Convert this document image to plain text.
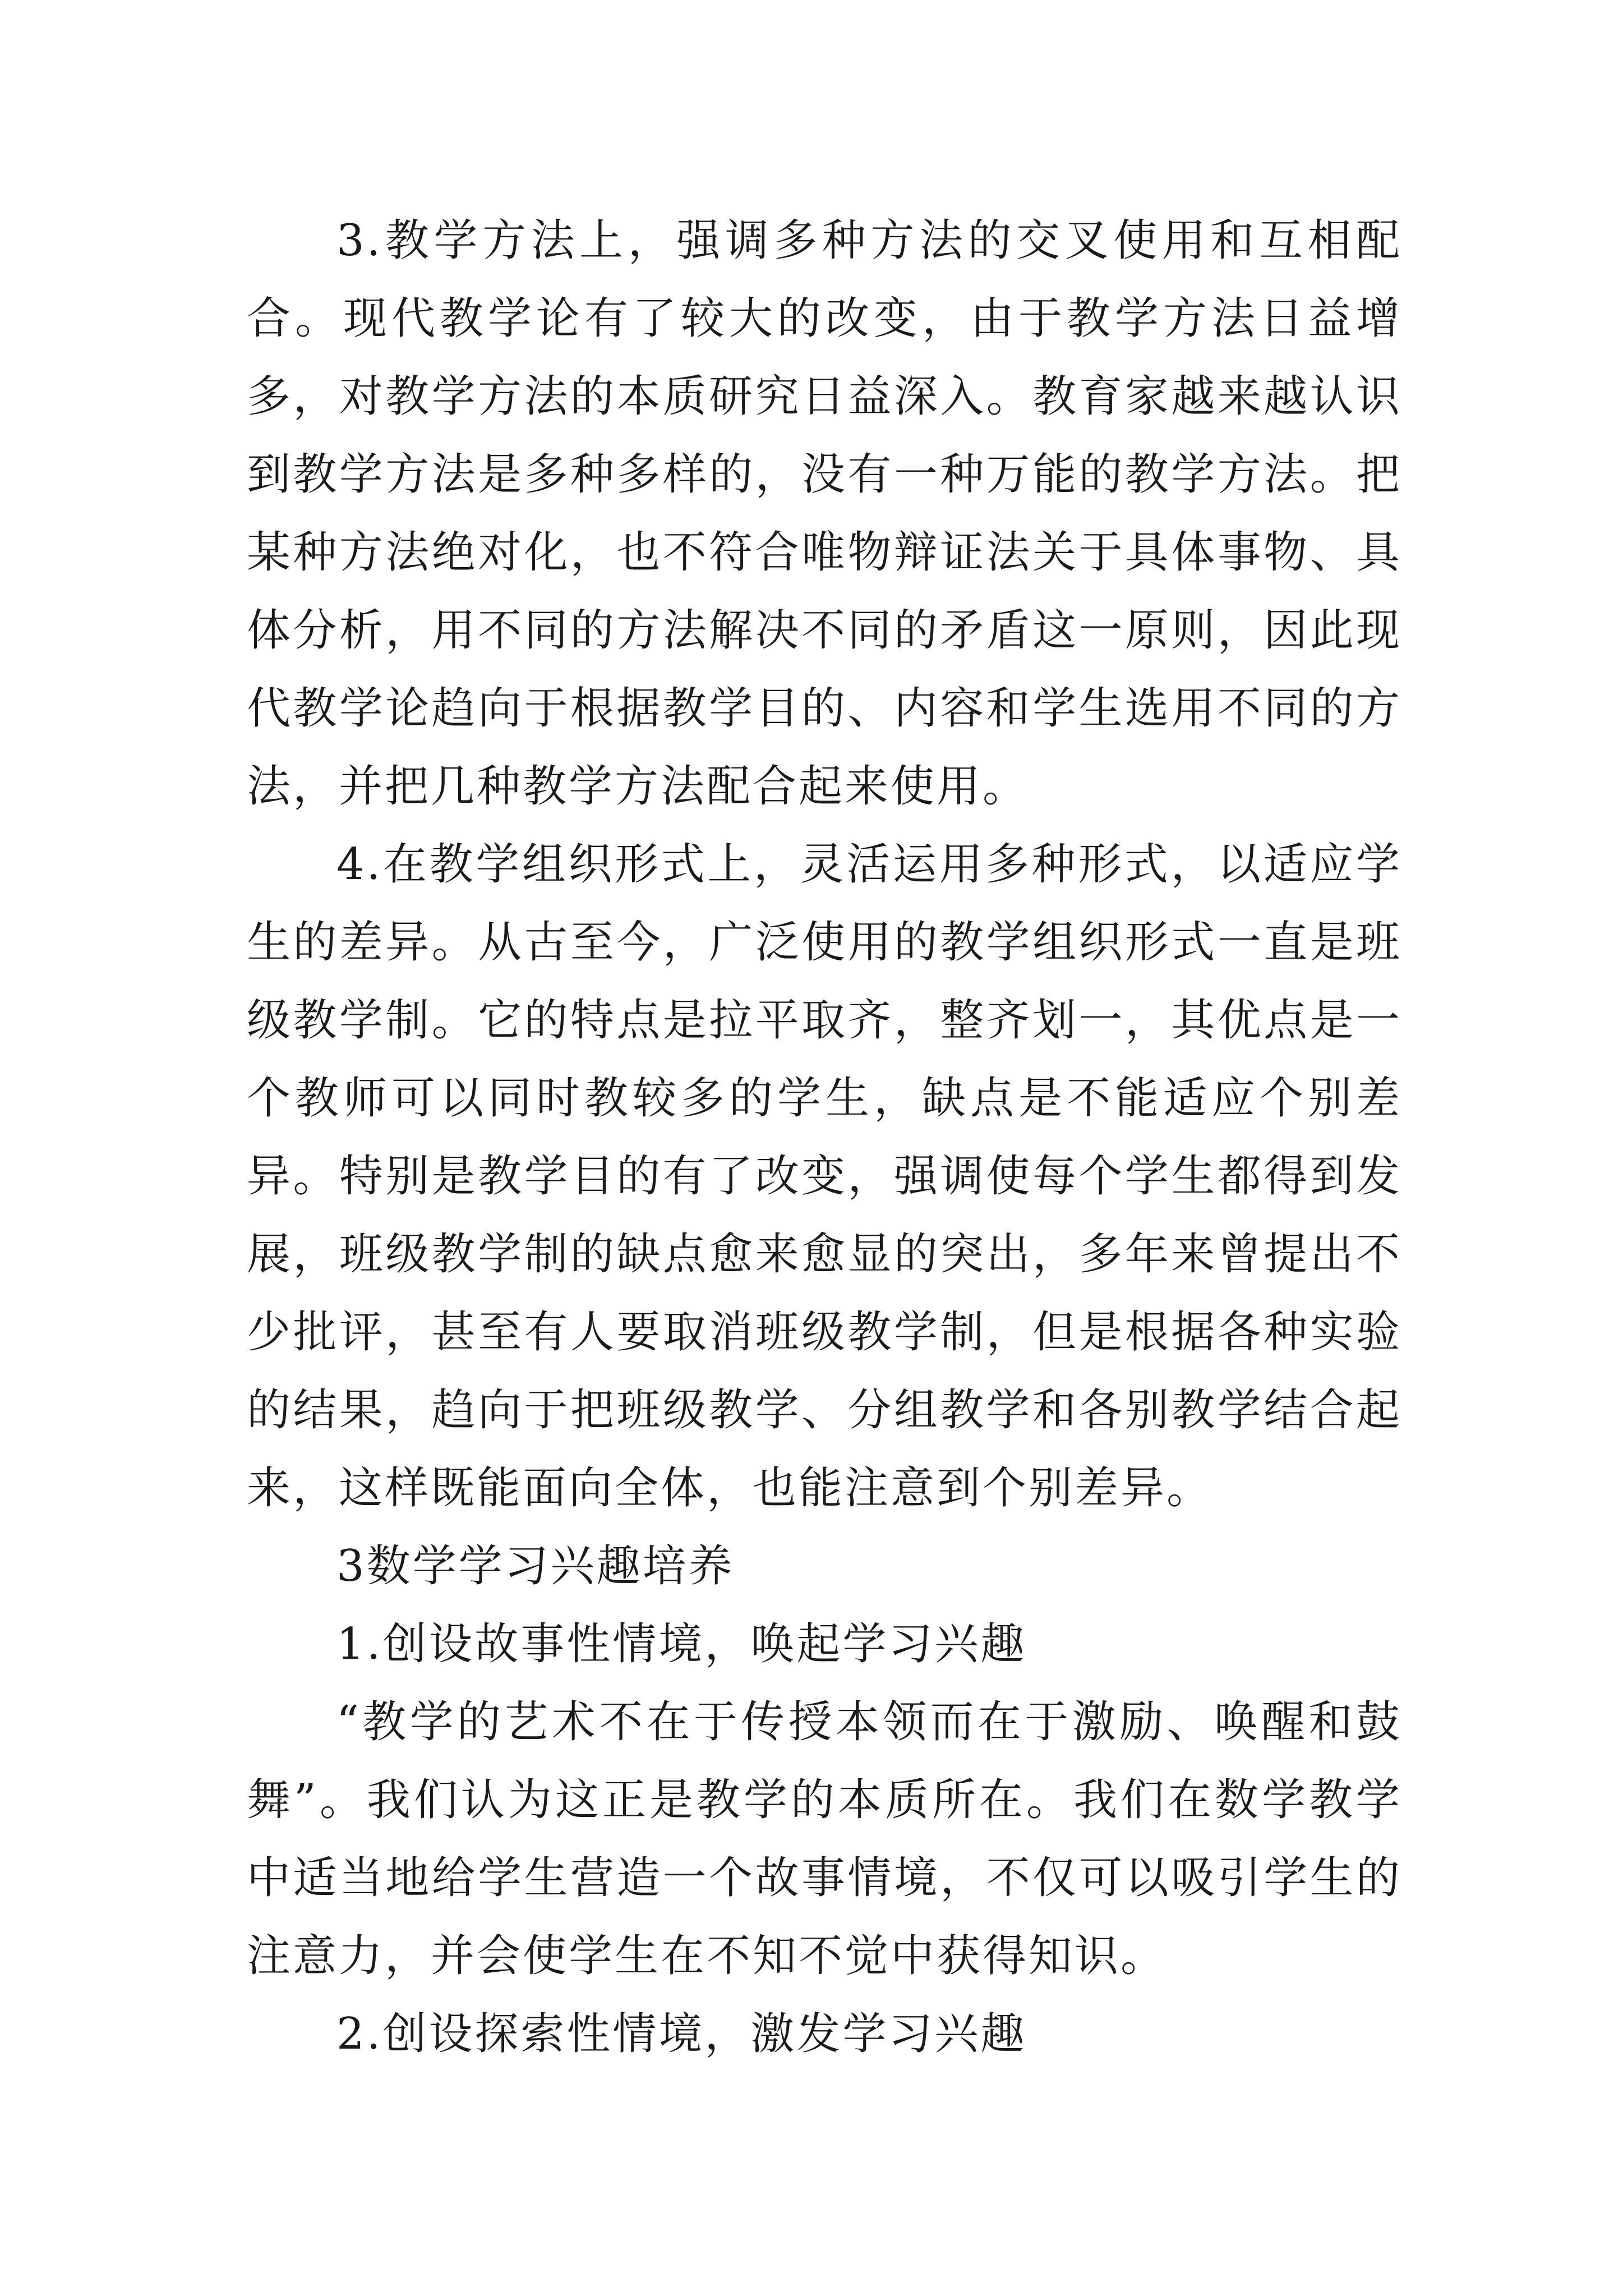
3.教学方法上，强调多种方法的交叉使用和互相配合。现代教学论有了较大的改变，由于教学方法日益增多，对教学方法的本质研究日益深入。教育家越来越认识到教学方法是多种多样的，没有一种万能的教学方法。把某种方法绝对化，也不符合唯物辩证法关于具体事物、具体分析，用不同的方法解决不同的矛盾这一原则，因此现代教学论趋向于根据教学目的、内容和学生选用不同的方法，并把几种教学方法配合起来使用。

4.在教学组织形式上，灵活运用多种形式，以适应学生的差异。从古至今，广泛使用的教学组织形式一直是班级教学制。它的特点是拉平取齐，整齐划一，其优点是一个教师可以同时教较多的学生，缺点是不能适应个别差异。特别是教学目的有了改变，强调使每个学生都得到发展，班级教学制的缺点愈来愈显的突出，多年来曾提出不少批评，甚至有人要取消班级教学制，但是根据各种实验的结果，趋向于把班级教学、分组教学和各别教学结合起来，这样既能面向全体，也能注意到个别差异。

3数学学习兴趣培养

1.创设故事性情境，唤起学习兴趣

“教学的艺术不在于传授本领而在于激励、唤醒和鼓舞”。我们认为这正是教学的本质所在。我们在数学教学中适当地给学生营造一个故事情境，不仅可以吸引学生的注意力，并会使学生在不知不觉中获得知识。

2.创设探索性情境，激发学习兴趣
